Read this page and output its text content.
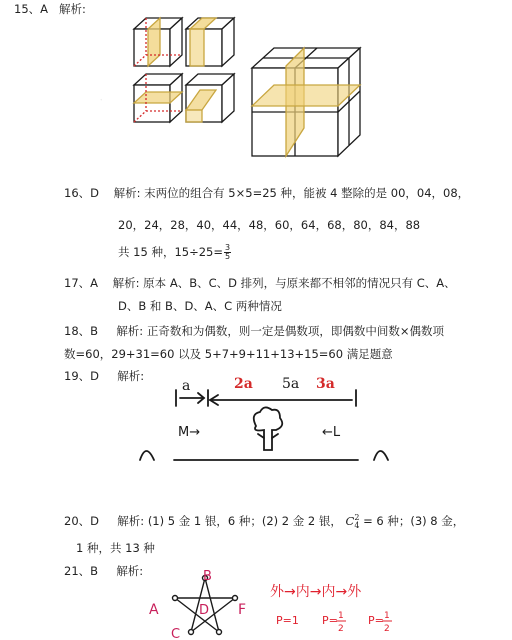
·
15、A 解析:
16、D 解析: 末两位的组合有 5×5=25 种，能被 4 整除的是 00，04，08，
20，24，28，40，44，48，60，64，68，80，84，88
共 15 种，$15\div 25= \frac{3}{5}$
17、A 解析: 原本 A、B、C、D 排列，与原来都不相邻的情况只有 C、A、
D、B 和 B、D、A、C 两种情况
18、B 解析: 正奇数和为偶数，则一定是偶数项，即偶数中间数×偶数项
数=60，29+31=60 以及 5+7+9+11+13+15=60 满足题意
19、D 解析:
a	2a 5a 3a
M→	←L
20、D 解析: (1) 5 金 1 银，6 种；(2) 2 金 2 银， C 2
4 = 6 种；(3) 8 金，
1 种，共 13 种
21、B 解析:	B
A	F
C
D
外→内→内→外
P=1 P= 1
2
P= 1
2
